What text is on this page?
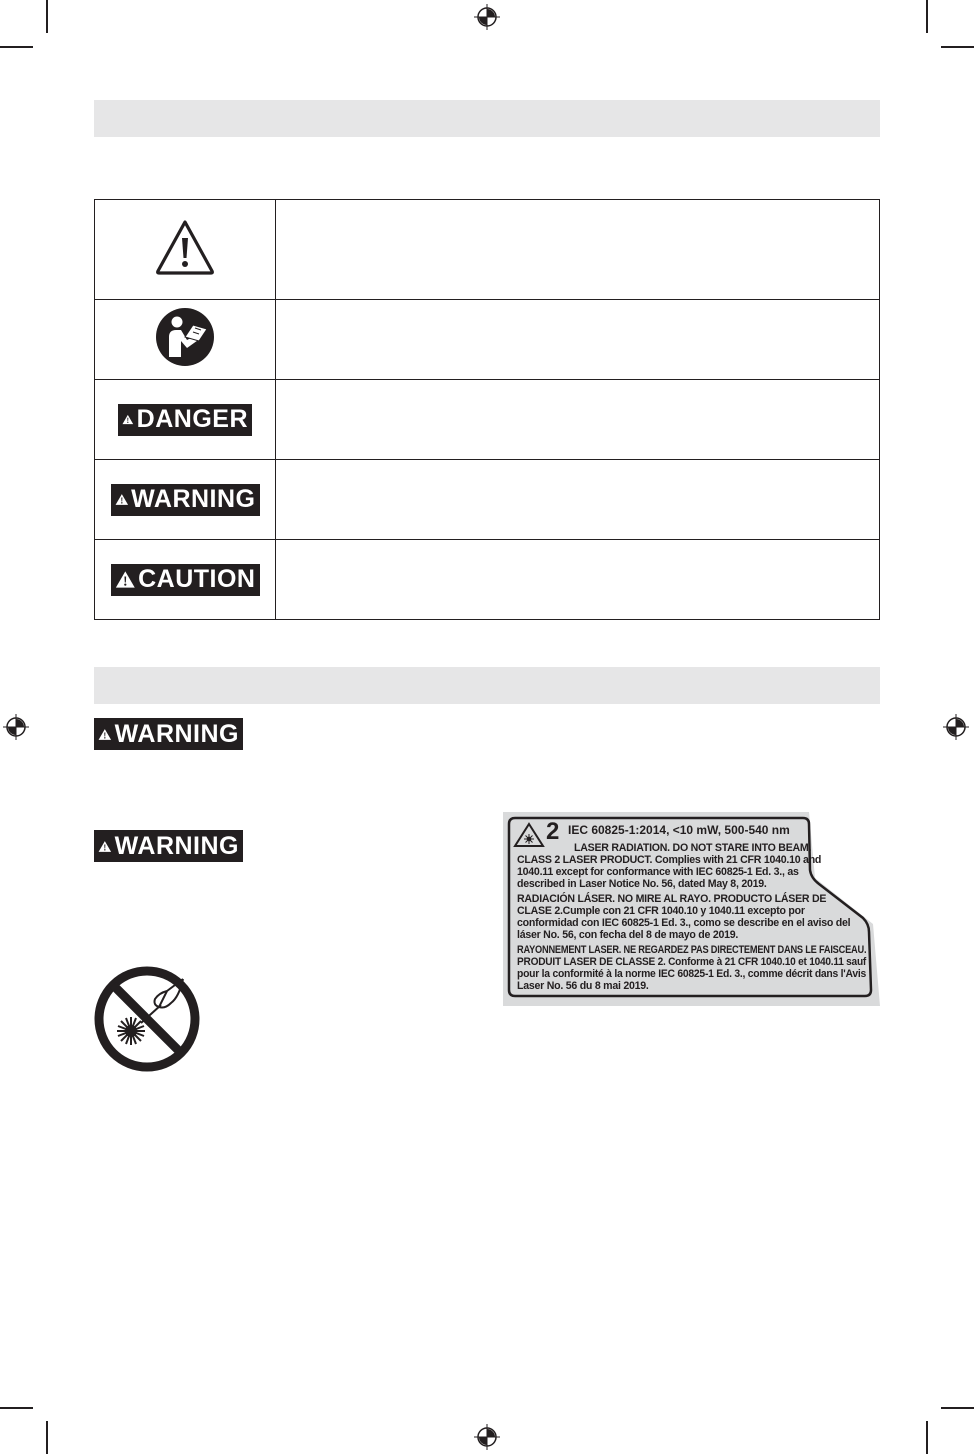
DANGER	

WARNING	

CAUTION	

WARNING
WARNING	2 IEC 60825-1:2014, <10 mW, 500-540 nm
LASER RADIATION. DO NOT STARE INTO BEAM.
CLASS 2 LASER PRODUCT. Complies with 21 CFR 1040.10 and
1040.11 except for conformance with IEC 60825-1 Ed. 3., as
described in Laser Notice No. 56, dated May 8, 2019.
RADIACIÓN LÁSER. NO MIRE AL RAYO. PRODUCTO LÁSER DE
CLASE 2.Cumple con 21 CFR 1040.10 y 1040.11 excepto por
conformidad con IEC 60825-1 Ed. 3., como se describe en el aviso del
láser No. 56, con fecha del 8 de mayo de 2019.
RAYONNEMENT LASER. NE REGARDEZ PAS DIRECTEMENT DANS LE FAISCEAU.
PRODUIT LASER DE CLASSE 2. Conforme à 21 CFR 1040.10 et 1040.11 sauf
pour la conformité à la norme IEC 60825-1 Ed. 3., comme décrit dans l'Avis
Laser No. 56 du 8 mai 2019.
